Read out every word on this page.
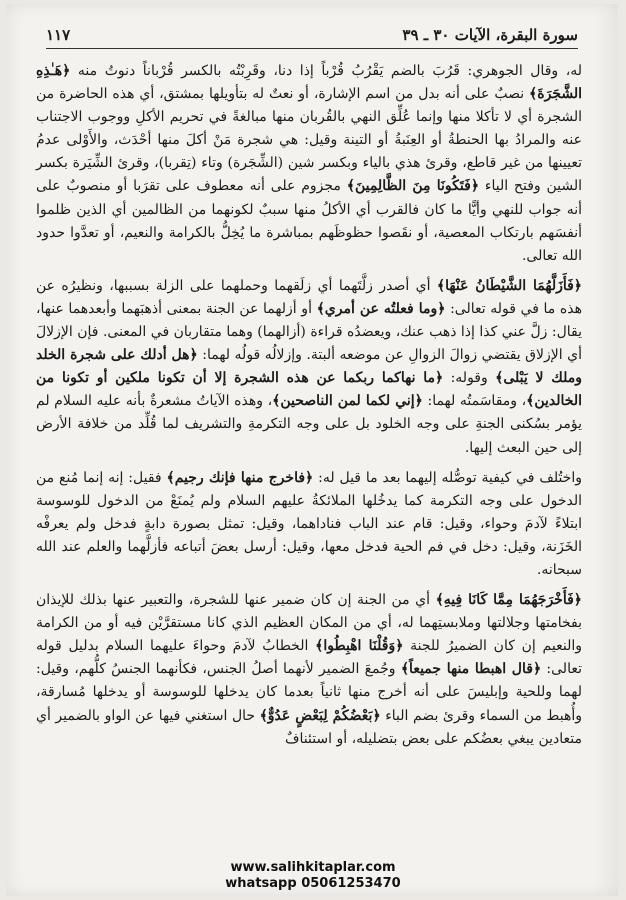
سورة البقرة، الآيات ٣٠ ـ ٣٩
١١٧

له، وقال الجوهري: قَرُبَ بالضم يَقْرُبُ قُرْباً إذا دنا، وقَرِبْتُه بالكسر قُرْباناً دنوتُ منه ﴿هَـٰذِهِ الشَّجَرَةَ﴾ نصبٌ على أنه بدل من اسم الإشارة، أو نعتٌ له بتأويلها بمشتق، أي هذه الحاضرة من الشجرة أي لا تأكلا منها وإنما عُلِّق النهي بالقُربان منها مبالغةً في تحريم الأكلِ ووجوب الاجتناب عنه والمرادُ بها الحنطةُ أو العِنَبةُ أو التينة وقيل: هي شجرة مَنْ أكلَ منها أحْدَث، والأَوْلى عدمُ تعيينها من غير قاطع، وقرئ هذي بالياء وبكسر شين (الشِّجَرة) وتاء (تِقربا)، وقرئ الشِّيَرة بكسر الشين وفتح الياء ﴿فَتَكُونَا مِنَ الظَّالِمِينَ﴾ مجزوم على أنه معطوف على تقرَبا أو منصوبٌ على أنه جواب للنهي وأيًّا ما كان فالقرب أي الأكلُ منها سببٌ لكونهما من الظالمين أي الذين ظلموا أنفسَهم بارتكاب المعصية، أو نقَصوا حظوظَهم بمباشرة ما يُخِلُّ بالكرامة والنعيم، أو تعدَّوا حدود الله تعالى.

﴿فَأَزَلَّهُمَا الشَّيْطَانُ عَنْهَا﴾ أي أصدر زلَّتَهما أي زلَقهما وحملهما على الزلة بسببها، ونظيرُه عن هذه ما في قوله تعالى: ﴿وما فعلتُه عن أمري﴾ أو أزلهما عن الجنة بمعنى أذهبَهما وأبعدهما عنها، يقال: زلَّ عني كذا إذا ذهب عنك، ويعضدُه قراءة (أزالهما) وهما متقاربان في المعنى. فإن الإزلالَ أي الإزلاق يقتضي زوالَ الزوالِ عن موضعه ألبتة. وإزلالُه قولُه لهما: ﴿هل أدلك على شجرة الخلد وملك لا يَبْلى﴾ وقوله: ﴿ما نهاكما ربكما عن هذه الشجرة إلا أن تكونا ملكين أو تكونا من الخالدين﴾، ومقاسَمتُه لهما: ﴿إني لكما لمن الناصحين﴾، وهذه الآياتُ مشعرةٌ بأنه عليه السلام لم يؤمر بسُكنى الجنةِ على وجه الخلود بل على وجه التكرمةِ والتشريف لما قُلِّد من خلافة الأرض إلى حين البعث إليها.

واختُلف في كيفية توصُّله إليهما بعد ما قيل له: ﴿فاخرج منها فإنك رجيم﴾ فقيل: إنه إنما مُنع من الدخول على وجه التكرمة كما يدخُلها الملائكةُ عليهم السلام ولم يُمنَعْ من الدخول للوسوسة ابتلاءً لآدمَ وحواء، وقيل: قام عند الباب فناداهما، وقيل: تمثل بصورة دابةٍ فدخل ولم يعرفْه الخَزَنة، وقيل: دخل في فم الحية فدخل معها، وقيل: أرسل بعضَ أتباعه فأزلَّهما والعلم عند الله سبحانه.

﴿فَأَخْرَجَهُمَا مِمَّا كَانَا فِيهِ﴾ أي من الجنة إن كان ضمير عنها للشجرة، والتعبير عنها بذلك للإيذان بفخامتها وجلالتها وملابستِهما له، أي من المكان العظيم الذي كانا مستقرَّيْن فيه أو من الكرامة والنعيم إن كان الضميرُ للجنة ﴿وَقُلْنَا اهْبِطُوا﴾ الخطابُ لآدمَ وحواءَ عليهما السلام بدليل قوله تعالى: ﴿قال اهبطا منها جميعاً﴾ وجُمعَ الضمير لأنهما أصلُ الجنس، فكأنهما الجنسُ كلُّهم، وقيل: لهما وللحية وإبليسَ على أنه أخرج منها ثانياً بعدما كان يدخلها للوسوسة أو يدخلها مُسارقة، وأُهبط من السماء وقرئ بضم الباء ﴿بَعْضُكُمْ لِبَعْضٍ عَدُوٌّ﴾ حال استغني فيها عن الواو بالضمير أي متعادين يبغي بعضُكم على بعض بتضليله، أو استئنافٌ

www.salihkitaplar.com
whatsapp 05061253470
